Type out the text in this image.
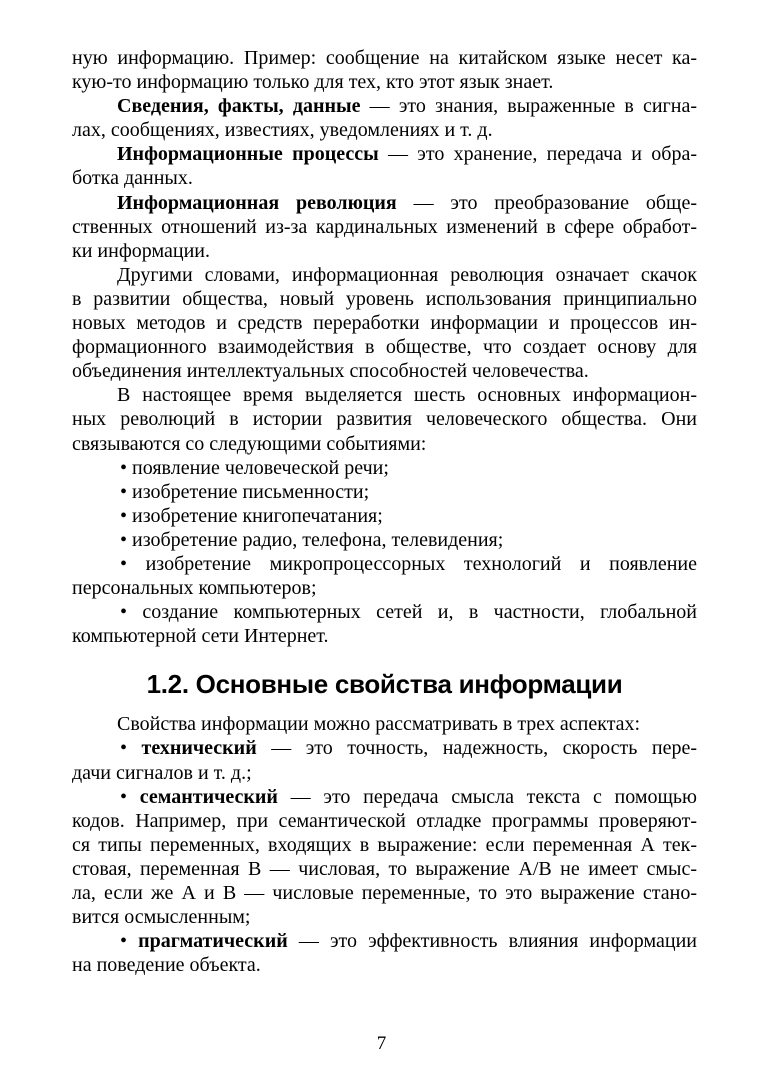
ную информацию. Пример: сообщение на китайском языке несет ка-
кую-то информацию только для тех, кто этот язык знает.
Сведения, факты, данные — это знания, выраженные в сигна-
лах, сообщениях, известиях, уведомлениях и т. д.
Информационные процессы — это хранение, передача и обра-
ботка данных.
Информационная революция — это преобразование обще-
ственных отношений из-за кардинальных изменений в сфере обработ-
ки информации.
Другими словами, информационная революция означает скачок
в развитии общества, новый уровень использования принципиально
новых методов и средств переработки информации и процессов ин-
формационного взаимодействия в обществе, что создает основу для
объединения интеллектуальных способностей человечества.
В настоящее время выделяется шесть основных информацион-
ных революций в истории развития человеческого общества. Они
связываются со следующими событиями:
• появление человеческой речи;
• изобретение письменности;
• изобретение книгопечатания;
• изобретение радио, телефона, телевидения;
• изобретение микропроцессорных технологий и появление
персональных компьютеров;
• создание компьютерных сетей и, в частности, глобальной
компьютерной сети Интернет.
1.2. Основные свойства информации
Свойства информации можно рассматривать в трех аспектах:
• технический — это точность, надежность, скорость пере-
дачи сигналов и т. д.;
• семантический — это передача смысла текста с помощью
кодов. Например, при семантической отладке программы проверяют-
ся типы переменных, входящих в выражение: если переменная А тек-
стовая, переменная В — числовая, то выражение А/В не имеет смыс-
ла, если же А и В — числовые переменные, то это выражение стано-
вится осмысленным;
• прагматический — это эффективность влияния информации
на поведение объекта.
7
